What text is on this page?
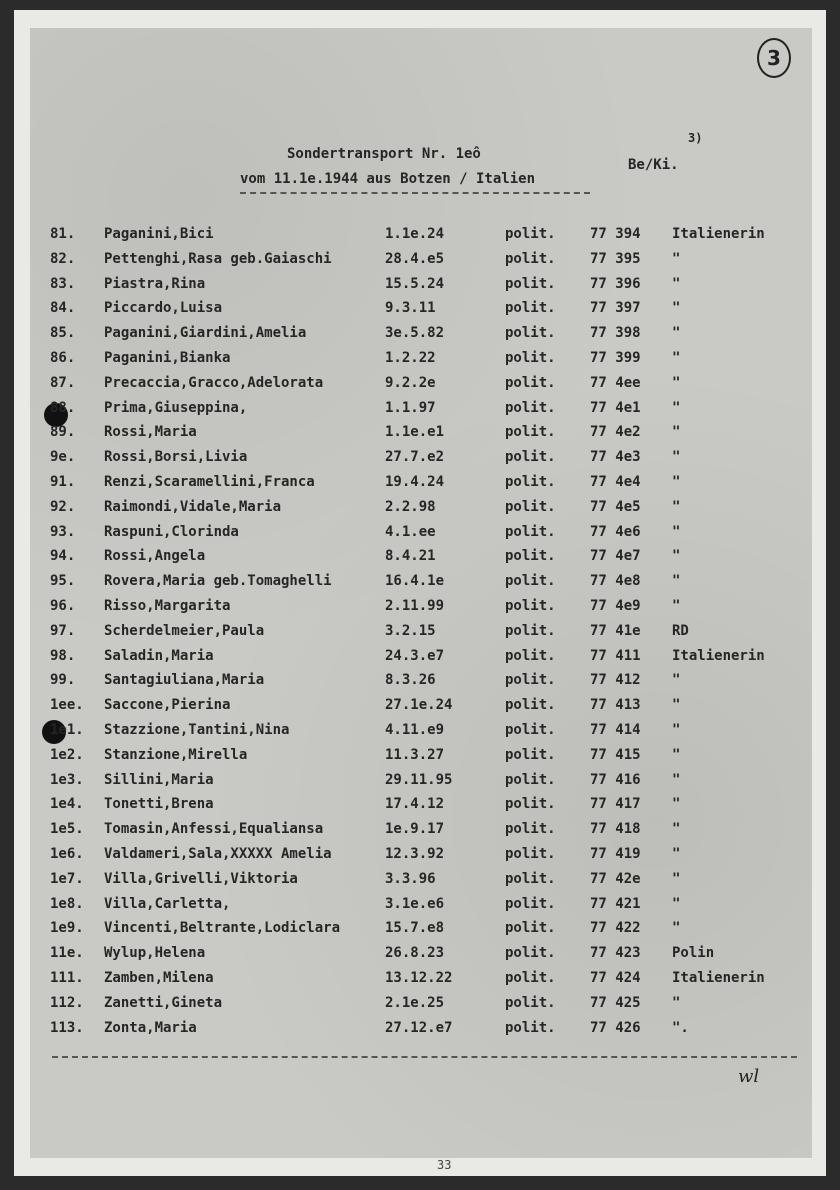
3
3)
Sondertransport Nr. 1eô
Be/Ki.
vom 11.1e.1944 aus Botzen / Italien
81.	Paganini,Bici	1.1e.24	polit.	77 394	Italienerin
82.	Pettenghi,Rasa geb.Gaiaschi	28.4.e5	polit.	77 395	"
83.	Piastra,Rina	15.5.24	polit.	77 396	"
84.	Piccardo,Luisa	9.3.11	polit.	77 397	"
85.	Paganini,Giardini,Amelia	3e.5.82	polit.	77 398	"
86.	Paganini,Bianka	1.2.22	polit.	77 399	"
87.	Precaccia,Gracco,Adelorata	9.2.2e	polit.	77 4ee	"
88.	Prima,Giuseppina,	1.1.97	polit.	77 4e1	"
89.	Rossi,Maria	1.1e.e1	polit.	77 4e2	"
9e.	Rossi,Borsi,Livia	27.7.e2	polit.	77 4e3	"
91.	Renzi,Scaramellini,Franca	19.4.24	polit.	77 4e4	"
92.	Raimondi,Vidale,Maria	2.2.98	polit.	77 4e5	"
93.	Raspuni,Clorinda	4.1.ee	polit.	77 4e6	"
94.	Rossi,Angela	8.4.21	polit.	77 4e7	"
95.	Rovera,Maria geb.Tomaghelli	16.4.1e	polit.	77 4e8	"
96.	Risso,Margarita	2.11.99	polit.	77 4e9	"
97.	Scherdelmeier,Paula	3.2.15	polit.	77 41e	RD
98.	Saladin,Maria	24.3.e7	polit.	77 411	Italienerin
99.	Santagiuliana,Maria	8.3.26	polit.	77 412	"
1ee.	Saccone,Pierina	27.1e.24	polit.	77 413	"
1e1.	Stazzione,Tantini,Nina	4.11.e9	polit.	77 414	"
1e2.	Stanzione,Mirella	11.3.27	polit.	77 415	"
1e3.	Sillini,Maria	29.11.95	polit.	77 416	"
1e4.	Tonetti,Brena	17.4.12	polit.	77 417	"
1e5.	Tomasin,Anfessi,Equaliansa	1e.9.17	polit.	77 418	"
1e6.	Valdameri,Sala,XXXXX Amelia	12.3.92	polit.	77 419	"
1e7.	Villa,Grivelli,Viktoria	3.3.96	polit.	77 42e	"
1e8.	Villa,Carletta,	3.1e.e6	polit.	77 421	"
1e9.	Vincenti,Beltrante,Lodiclara	15.7.e8	polit.	77 422	"
11e.	Wylup,Helena	26.8.23	polit.	77 423	Polin
111.	Zamben,Milena	13.12.22	polit.	77 424	Italienerin
112.	Zanetti,Gineta	2.1e.25	polit.	77 425	"
113.	Zonta,Maria	27.12.e7	polit.	77 426	".
wl
33
